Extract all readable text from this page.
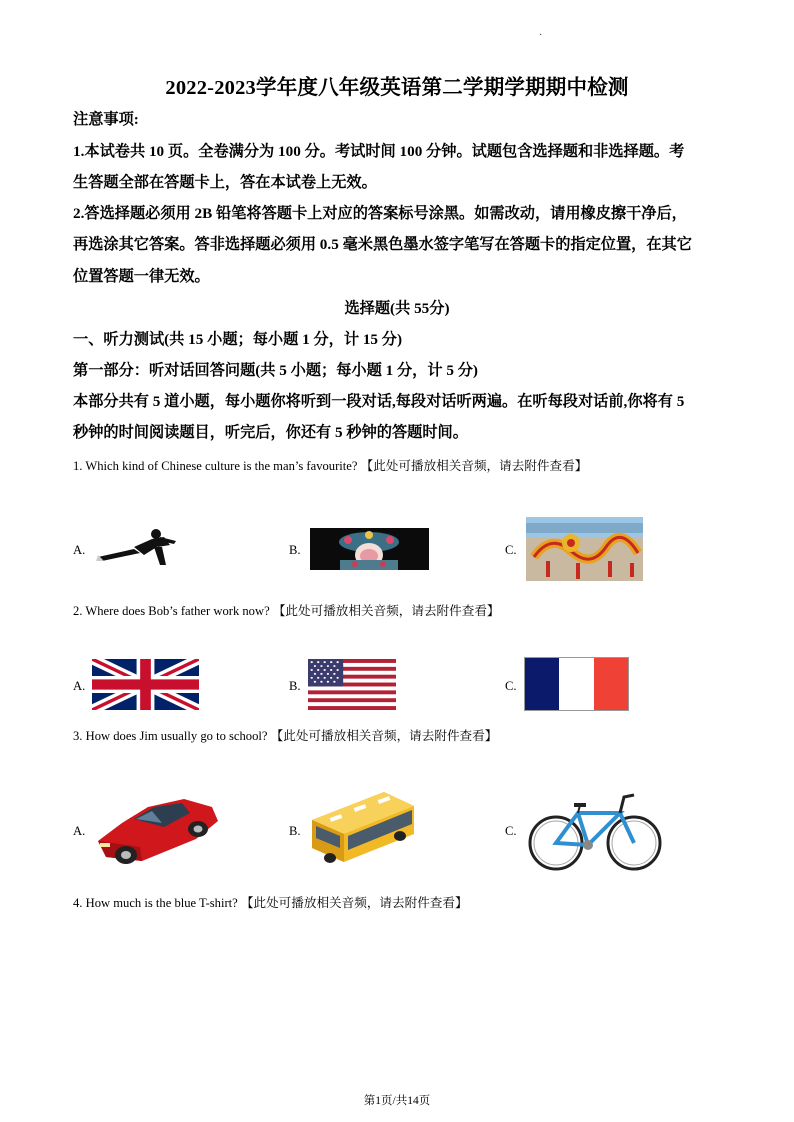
·
2022-2023学年度八年级英语第二学期学期期中检测
注意事项:
1.本试卷共 10 页。全卷满分为 100 分。考试时间 100 分钟。试题包含选择题和非选择题。考
生答题全部在答题卡上，答在本试卷上无效。
2.答选择题必须用 2B 铅笔将答题卡上对应的答案标号涂黑。如需改动，请用橡皮擦干净后，
再选涂其它答案。答非选择题必须用 0.5 毫米黑色墨水签字笔写在答题卡的指定位置，在其它
位置答题一律无效。
选择题(共 55分)
一、听力测试(共 15 小题；每小题 1 分，计 15 分)
第一部分：听对话回答问题(共 5 小题；每小题 1 分，计 5 分)
本部分共有 5 道小题，每小题你将听到一段对话,每段对话听两遍。在听每段对话前,你将有 5
秒钟的时间阅读题目，听完后，你还有 5 秒钟的答题时间。
1. Which kind of Chinese culture is the man’s favourite? 【此处可播放相关音频，请去附件查看】
A.	B.	C.
2. Where does Bob’s father work now? 【此处可播放相关音频，请去附件查看】
A.	B.	C.
3. How does Jim usually go to school? 【此处可播放相关音频，请去附件查看】
A.	B.	C.
4. How much is the blue T-shirt? 【此处可播放相关音频，请去附件查看】
第1页/共14页
